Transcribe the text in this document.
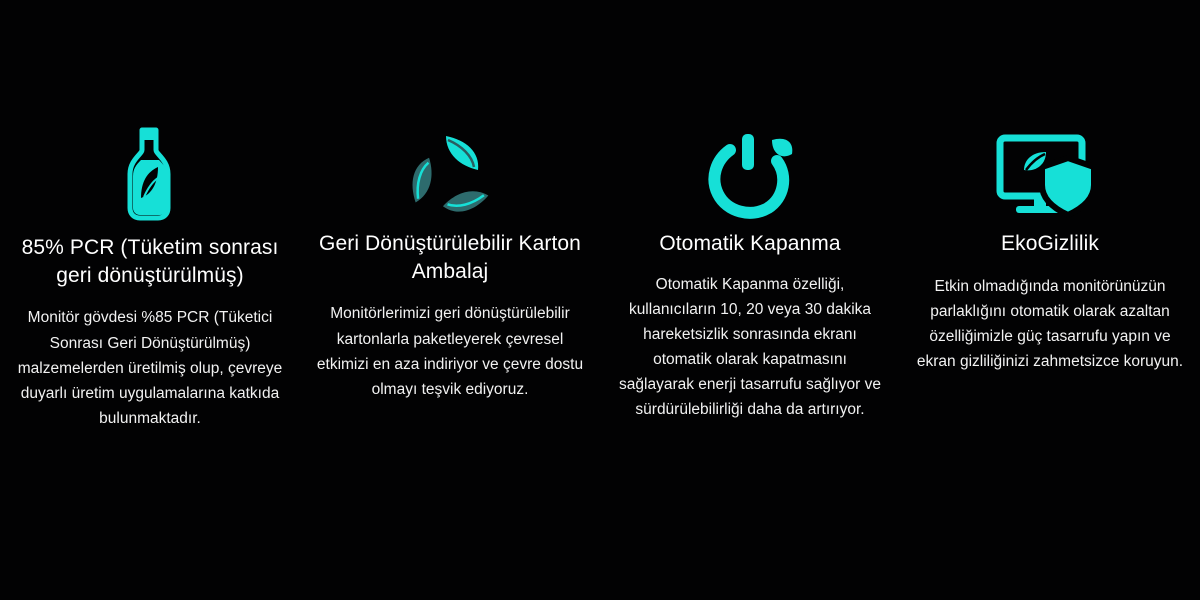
85% PCR (Tüketim sonrası geri dönüştürülmüş)

Monitör gövdesi %85 PCR (Tüketici Sonrası Geri Dönüştürülmüş) malzemelerden üretilmiş olup, çevreye duyarlı üretim uygulamalarına katkıda bulunmaktadır.

Geri Dönüştürülebilir Karton Ambalaj

Monitörlerimizi geri dönüştürülebilir kartonlarla paketleyerek çevresel etkimizi en aza indiriyor ve çevre dostu olmayı teşvik ediyoruz.

Otomatik Kapanma

Otomatik Kapanma özelliği, kullanıcıların 10, 20 veya 30 dakika hareketsizlik sonrasında ekranı otomatik olarak kapatmasını sağlayarak enerji tasarrufu sağlıyor ve sürdürülebilirliği daha da artırıyor.

EkoGizlilik

Etkin olmadığında monitörünüzün parlaklığını otomatik olarak azaltan özelliğimizle güç tasarrufu yapın ve ekran gizliliğinizi zahmetsizce koruyun.
